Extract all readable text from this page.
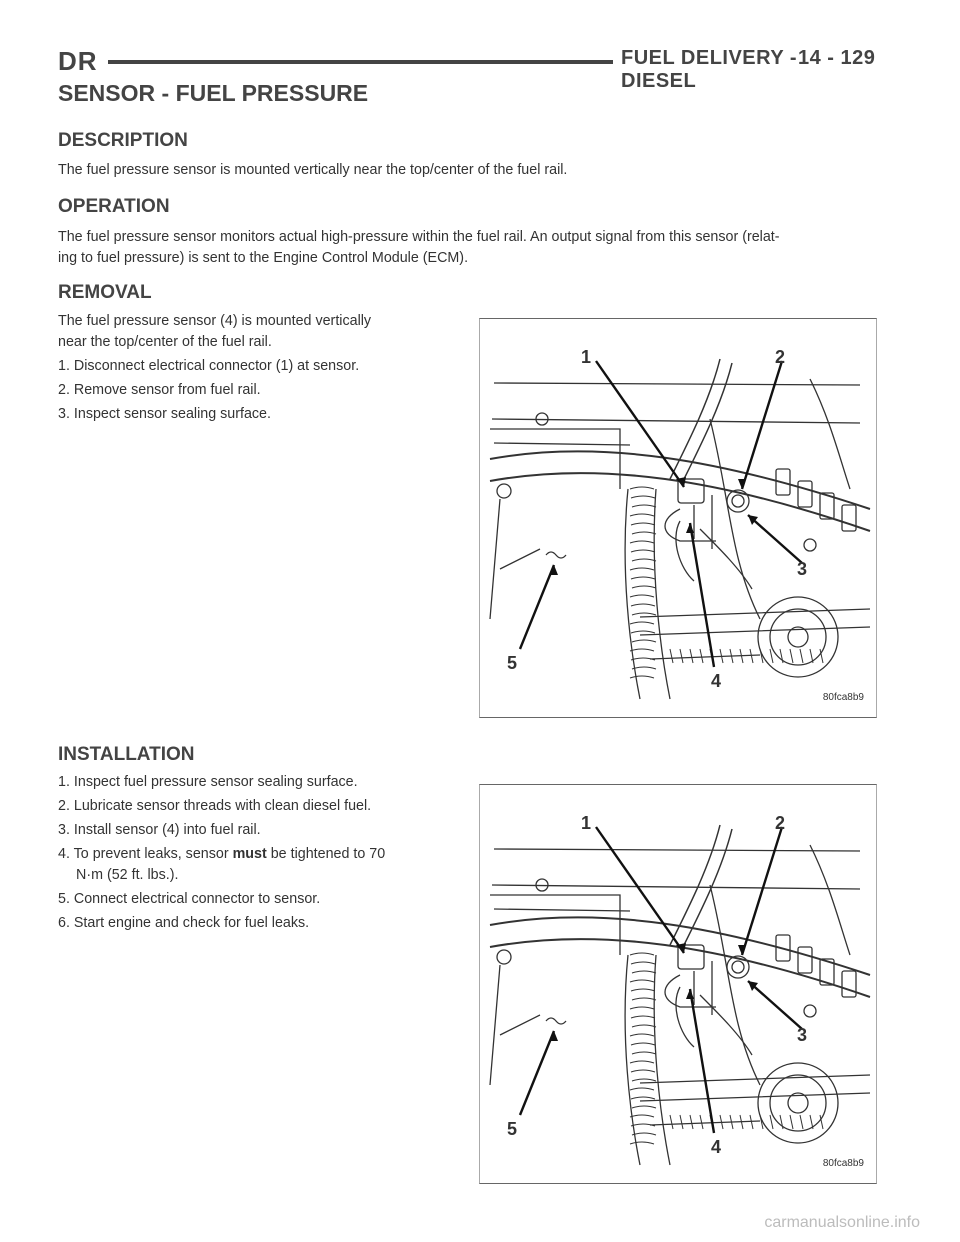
DR	FUEL DELIVERY - DIESEL
14 - 129
SENSOR - FUEL PRESSURE
DESCRIPTION

The fuel pressure sensor is mounted vertically near the top/center of the fuel rail.

OPERATION

The fuel pressure sensor monitors actual high-pressure within the fuel rail. An output signal from this sensor (relat-

ing to fuel pressure) is sent to the Engine Control Module (ECM).

REMOVAL

The fuel pressure sensor (4) is mounted vertically

near the top/center of the fuel rail.

1. Disconnect electrical connector (1) at sensor.

2. Remove sensor from fuel rail.

3. Inspect sensor sealing surface.

1	2
3
4
5
80fca8b9
INSTALLATION

1. Inspect fuel pressure sensor sealing surface.

2. Lubricate sensor threads with clean diesel fuel.

3. Install sensor (4) into fuel rail.

4. To prevent leaks, sensor must be tightened to 70

N·m (52 ft. lbs.).

5. Connect electrical connector to sensor.

6. Start engine and check for fuel leaks.

1	2
3
4
5
80fca8b9
carmanualsonline.info
